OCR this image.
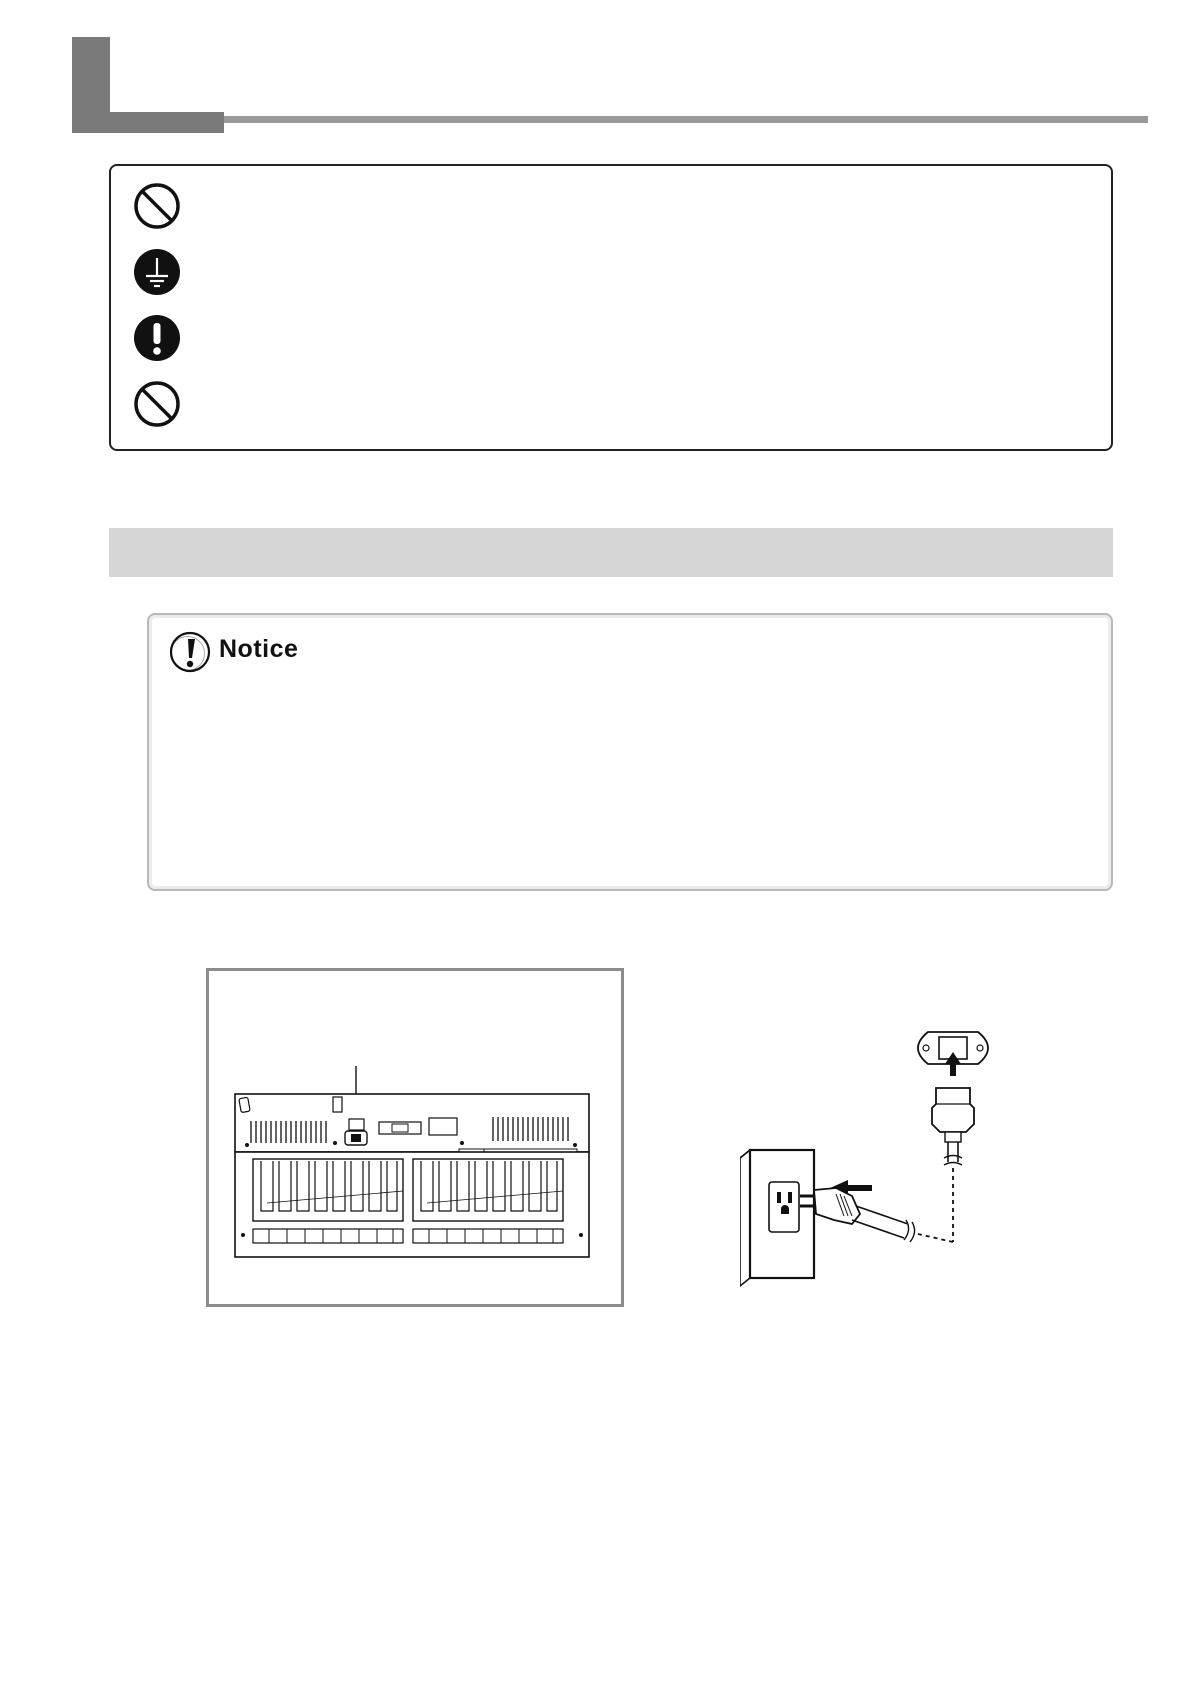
Notice
